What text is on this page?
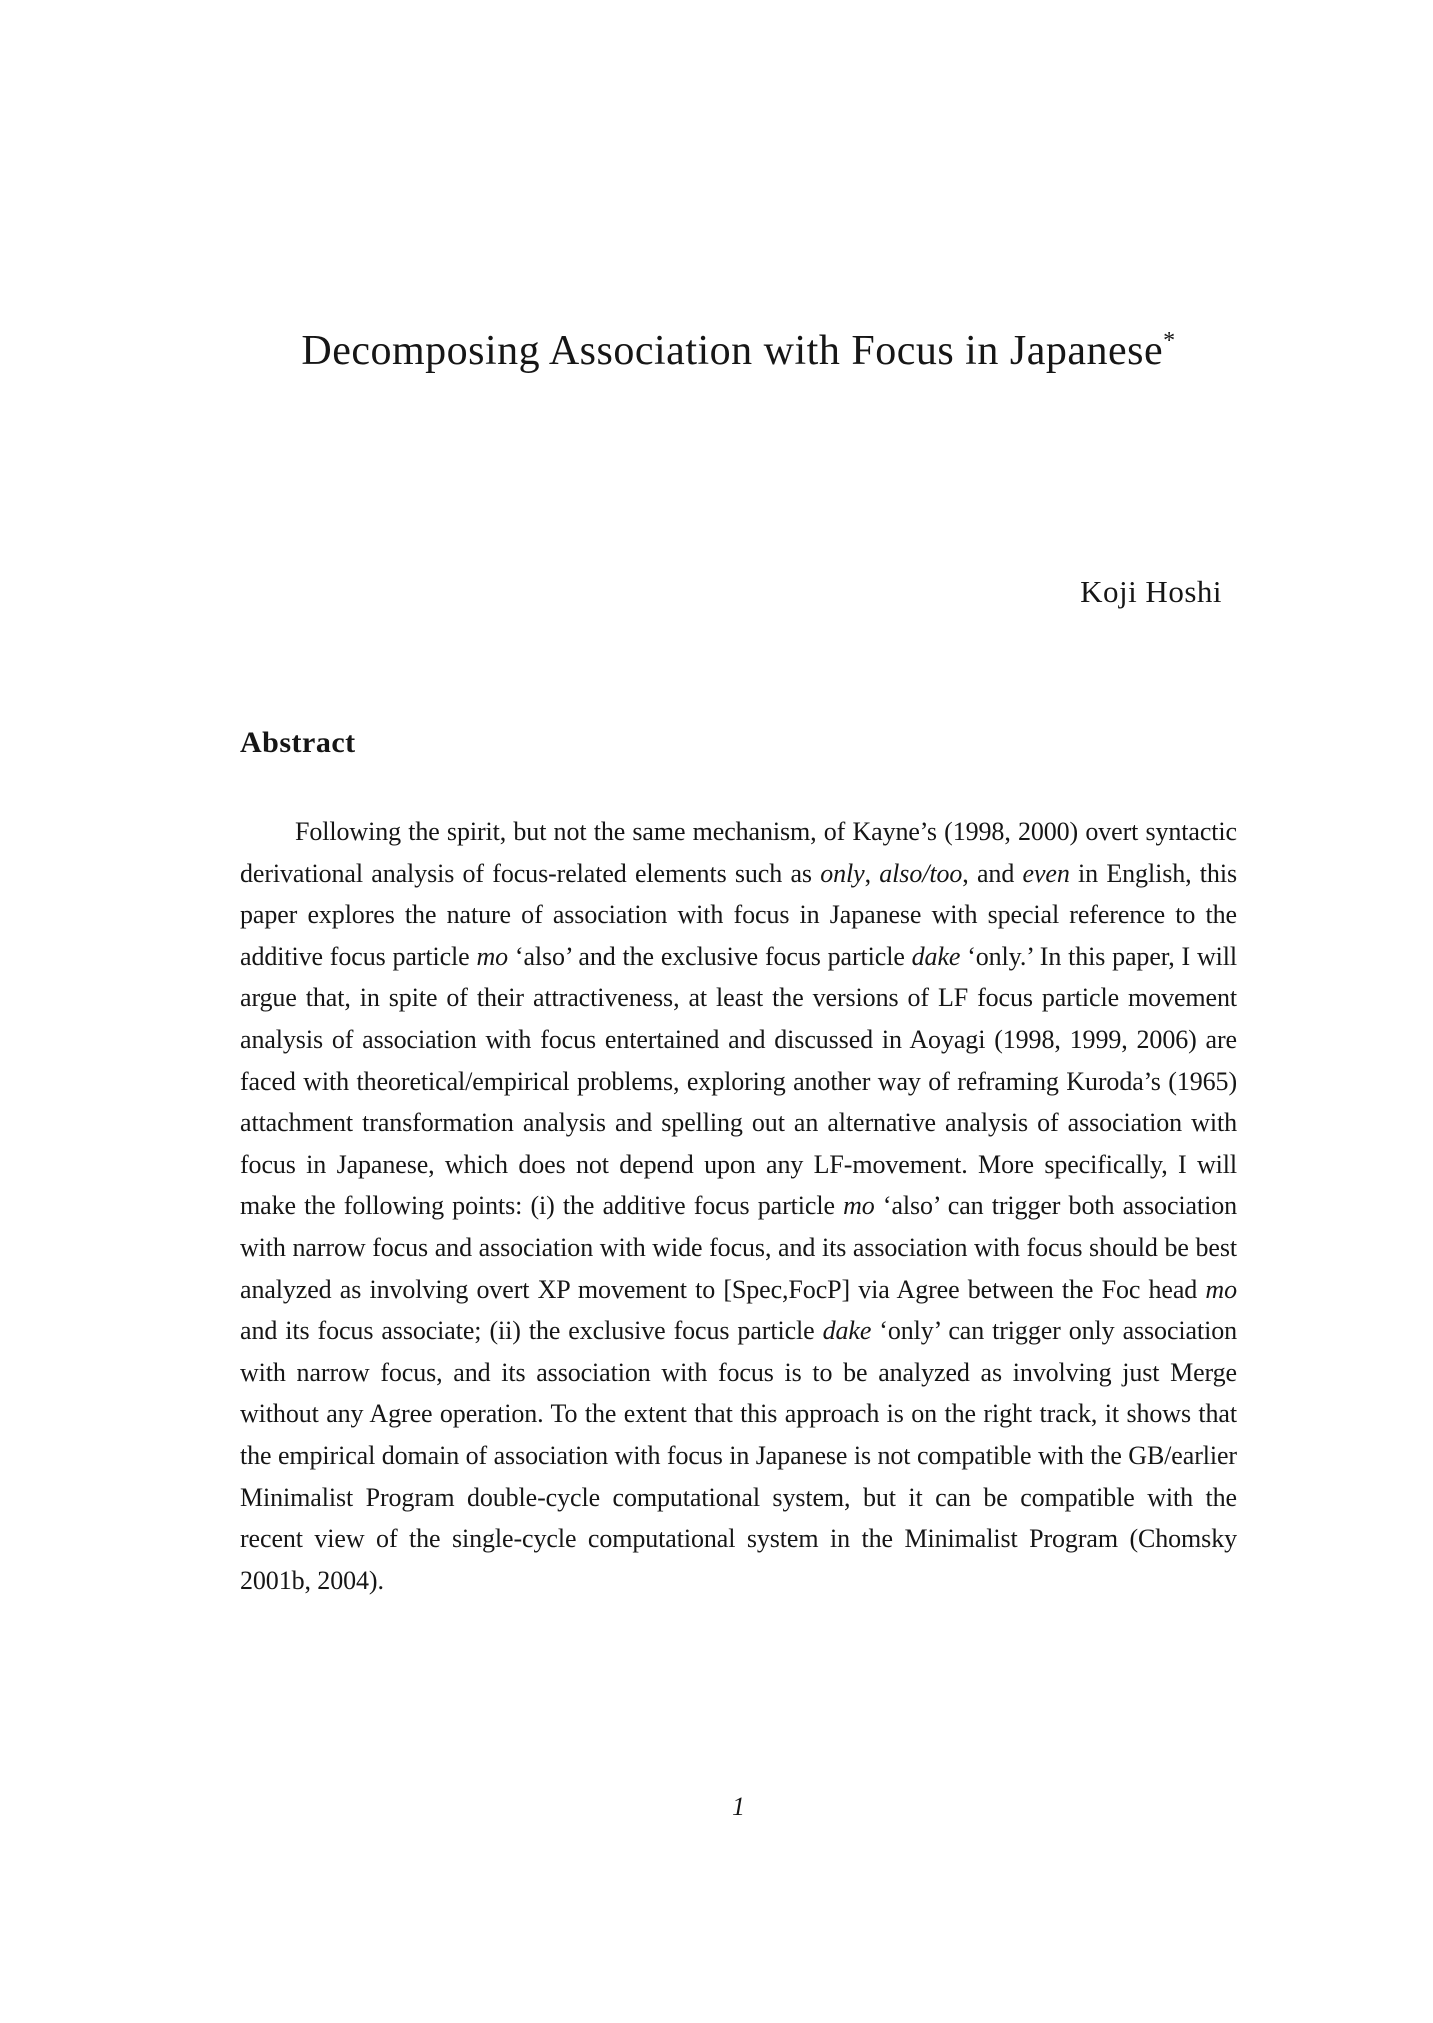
Decomposing Association with Focus in Japanese*
Koji Hoshi
Abstract

Following the spirit, but not the same mechanism, of Kayne’s (1998, 2000) overt syntactic derivational analysis of focus-related elements such as only, also/too, and even in English, this paper explores the nature of association with focus in Japanese with special reference to the additive focus particle mo ‘also’ and the exclusive focus particle dake ‘only.’ In this paper, I will argue that, in spite of their attractiveness, at least the versions of LF focus particle movement analysis of association with focus entertained and discussed in Aoyagi (1998, 1999, 2006) are faced with theoretical/empirical problems, exploring another way of reframing Kuroda’s (1965) attachment transformation analysis and spelling out an alternative analysis of association with focus in Japanese, which does not depend upon any LF-movement. More specifically, I will make the following points: (i) the additive focus particle mo ‘also’ can trigger both association with narrow focus and association with wide focus, and its association with focus should be best analyzed as involving overt XP movement to [Spec,FocP] via Agree between the Foc head mo and its focus associate; (ii) the exclusive focus particle dake ‘only’ can trigger only association with narrow focus, and its association with focus is to be analyzed as involving just Merge without any Agree operation. To the extent that this approach is on the right track, it shows that the empirical domain of association with focus in Japanese is not compatible with the GB/earlier Minimalist Program double-cycle computational system, but it can be compatible with the recent view of the single-cycle computational system in the Minimalist Program (Chomsky 2001b, 2004).

1
